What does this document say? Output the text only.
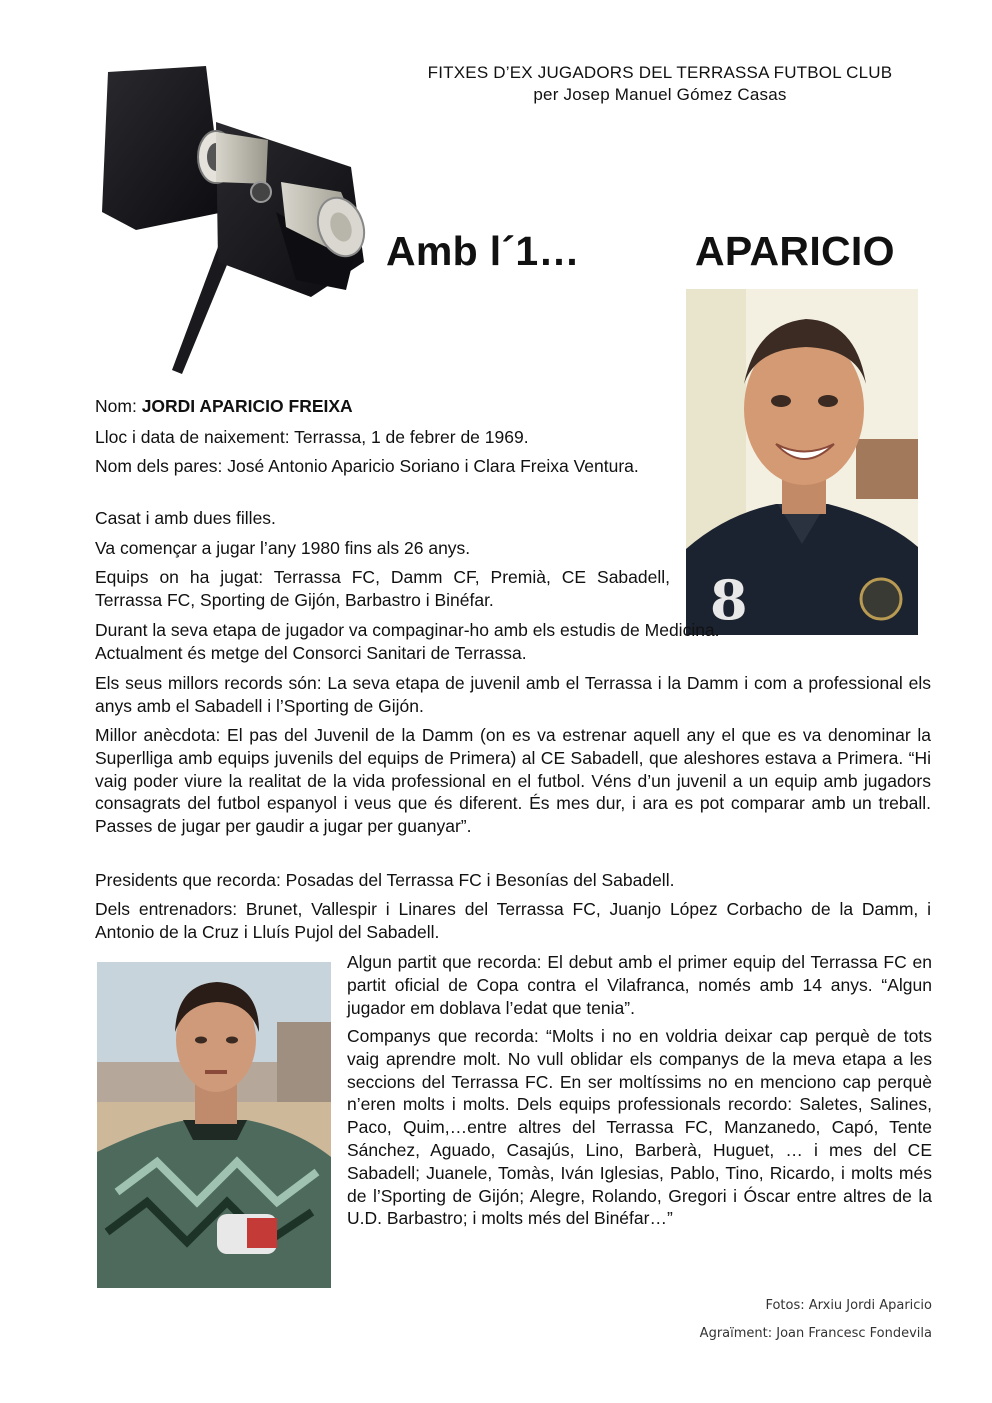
FITXES D’EX JUGADORS DEL TERRASSA FUTBOL CLUB
per Josep Manuel Gómez Casas
Amb l´1…	APARICIO
8

Nom: JORDI APARICIO FREIXA

Lloc i data de naixement: Terrassa, 1 de febrer de 1969.

Nom dels pares: José Antonio Aparicio Soriano i Clara Freixa Ventura.

Casat i amb dues filles.

Va començar a jugar l’any 1980 fins als 26 anys.

Equips on ha jugat: Terrassa FC, Damm CF, Premià, CE Sabadell, Terrassa FC, Sporting de Gijón, Barbastro i Binéfar.

Durant la seva etapa de jugador va compaginar-ho amb els estudis de Medicina. Actualment és metge del Consorci Sanitari de Terrassa.

Els seus millors records són: La seva etapa de juvenil amb el Terrassa i la Damm i com a professional els anys amb el Sabadell i l’Sporting de Gijón.

Millor anècdota: El pas del Juvenil de la Damm (on es va estrenar aquell any el que es va denominar la Superlliga amb equips juvenils del equips de Primera) al CE Sabadell, que aleshores estava a Primera. “Hi vaig poder viure la realitat de la vida professional en el futbol. Véns d’un juvenil a un equip amb jugadors consagrats del futbol espanyol i veus que és diferent. És mes dur, i ara es pot comparar amb un treball. Passes de jugar per gaudir a jugar per guanyar”.

Presidents que recorda: Posadas del Terrassa FC i Besonías del Sabadell.

Dels entrenadors: Brunet, Vallespir i Linares del Terrassa FC, Juanjo López Corbacho de la Damm, i Antonio de la Cruz i Lluís Pujol del Sabadell.

Algun partit que recorda: El debut amb el primer equip del Terrassa FC en partit oficial de Copa contra el Vilafranca, només amb 14 anys. “Algun jugador em doblava l’edat que tenia”.

Companys que recorda: “Molts i no en voldria deixar cap perquè de tots vaig aprendre molt. No vull oblidar els companys de la meva etapa a les seccions del Terrassa FC. En ser moltíssims no en menciono cap perquè n’eren molts i molts. Dels equips professionals recordo: Saletes, Salines, Paco, Quim,…entre altres del Terrassa FC, Manzanedo, Capó, Tente Sánchez, Aguado, Casajús, Lino, Barberà, Huguet, … i mes del CE Sabadell; Juanele, Tomàs, Iván Iglesias, Pablo, Tino, Ricardo, i molts més de l’Sporting de Gijón; Alegre, Rolando, Gregori i Óscar entre altres de la U.D. Barbastro; i molts més del Binéfar…”

Fotos: Arxiu Jordi Aparicio
Agraïment: Joan Francesc Fondevila
